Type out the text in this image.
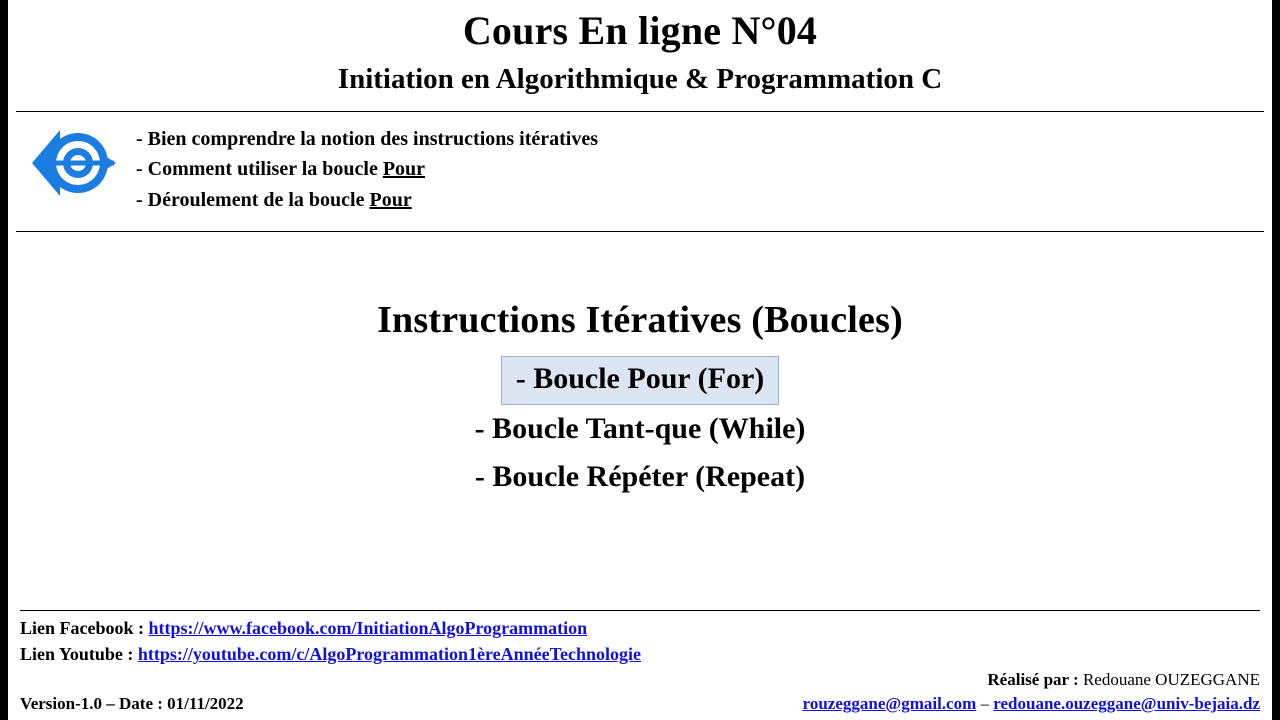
Cours En ligne N°04
Initiation en Algorithmique & Programmation C
- Bien comprendre la notion des instructions itératives
- Comment utiliser la boucle Pour
- Déroulement de la boucle Pour
Instructions Itératives (Boucles)
- Boucle Pour (For)
- Boucle Tant-que (While)
- Boucle Répéter (Repeat)
Lien Facebook : https://www.facebook.com/InitiationAlgoProgrammation
Lien Youtube : https://youtube.com/c/AlgoProgrammation1èreAnnéeTechnologie
Version-1.0 – Date : 01/11/2022
Réalisé par : Redouane OUZEGGANE
rouzeggane@gmail.com – redouane.ouzeggane@univ-bejaia.dz
